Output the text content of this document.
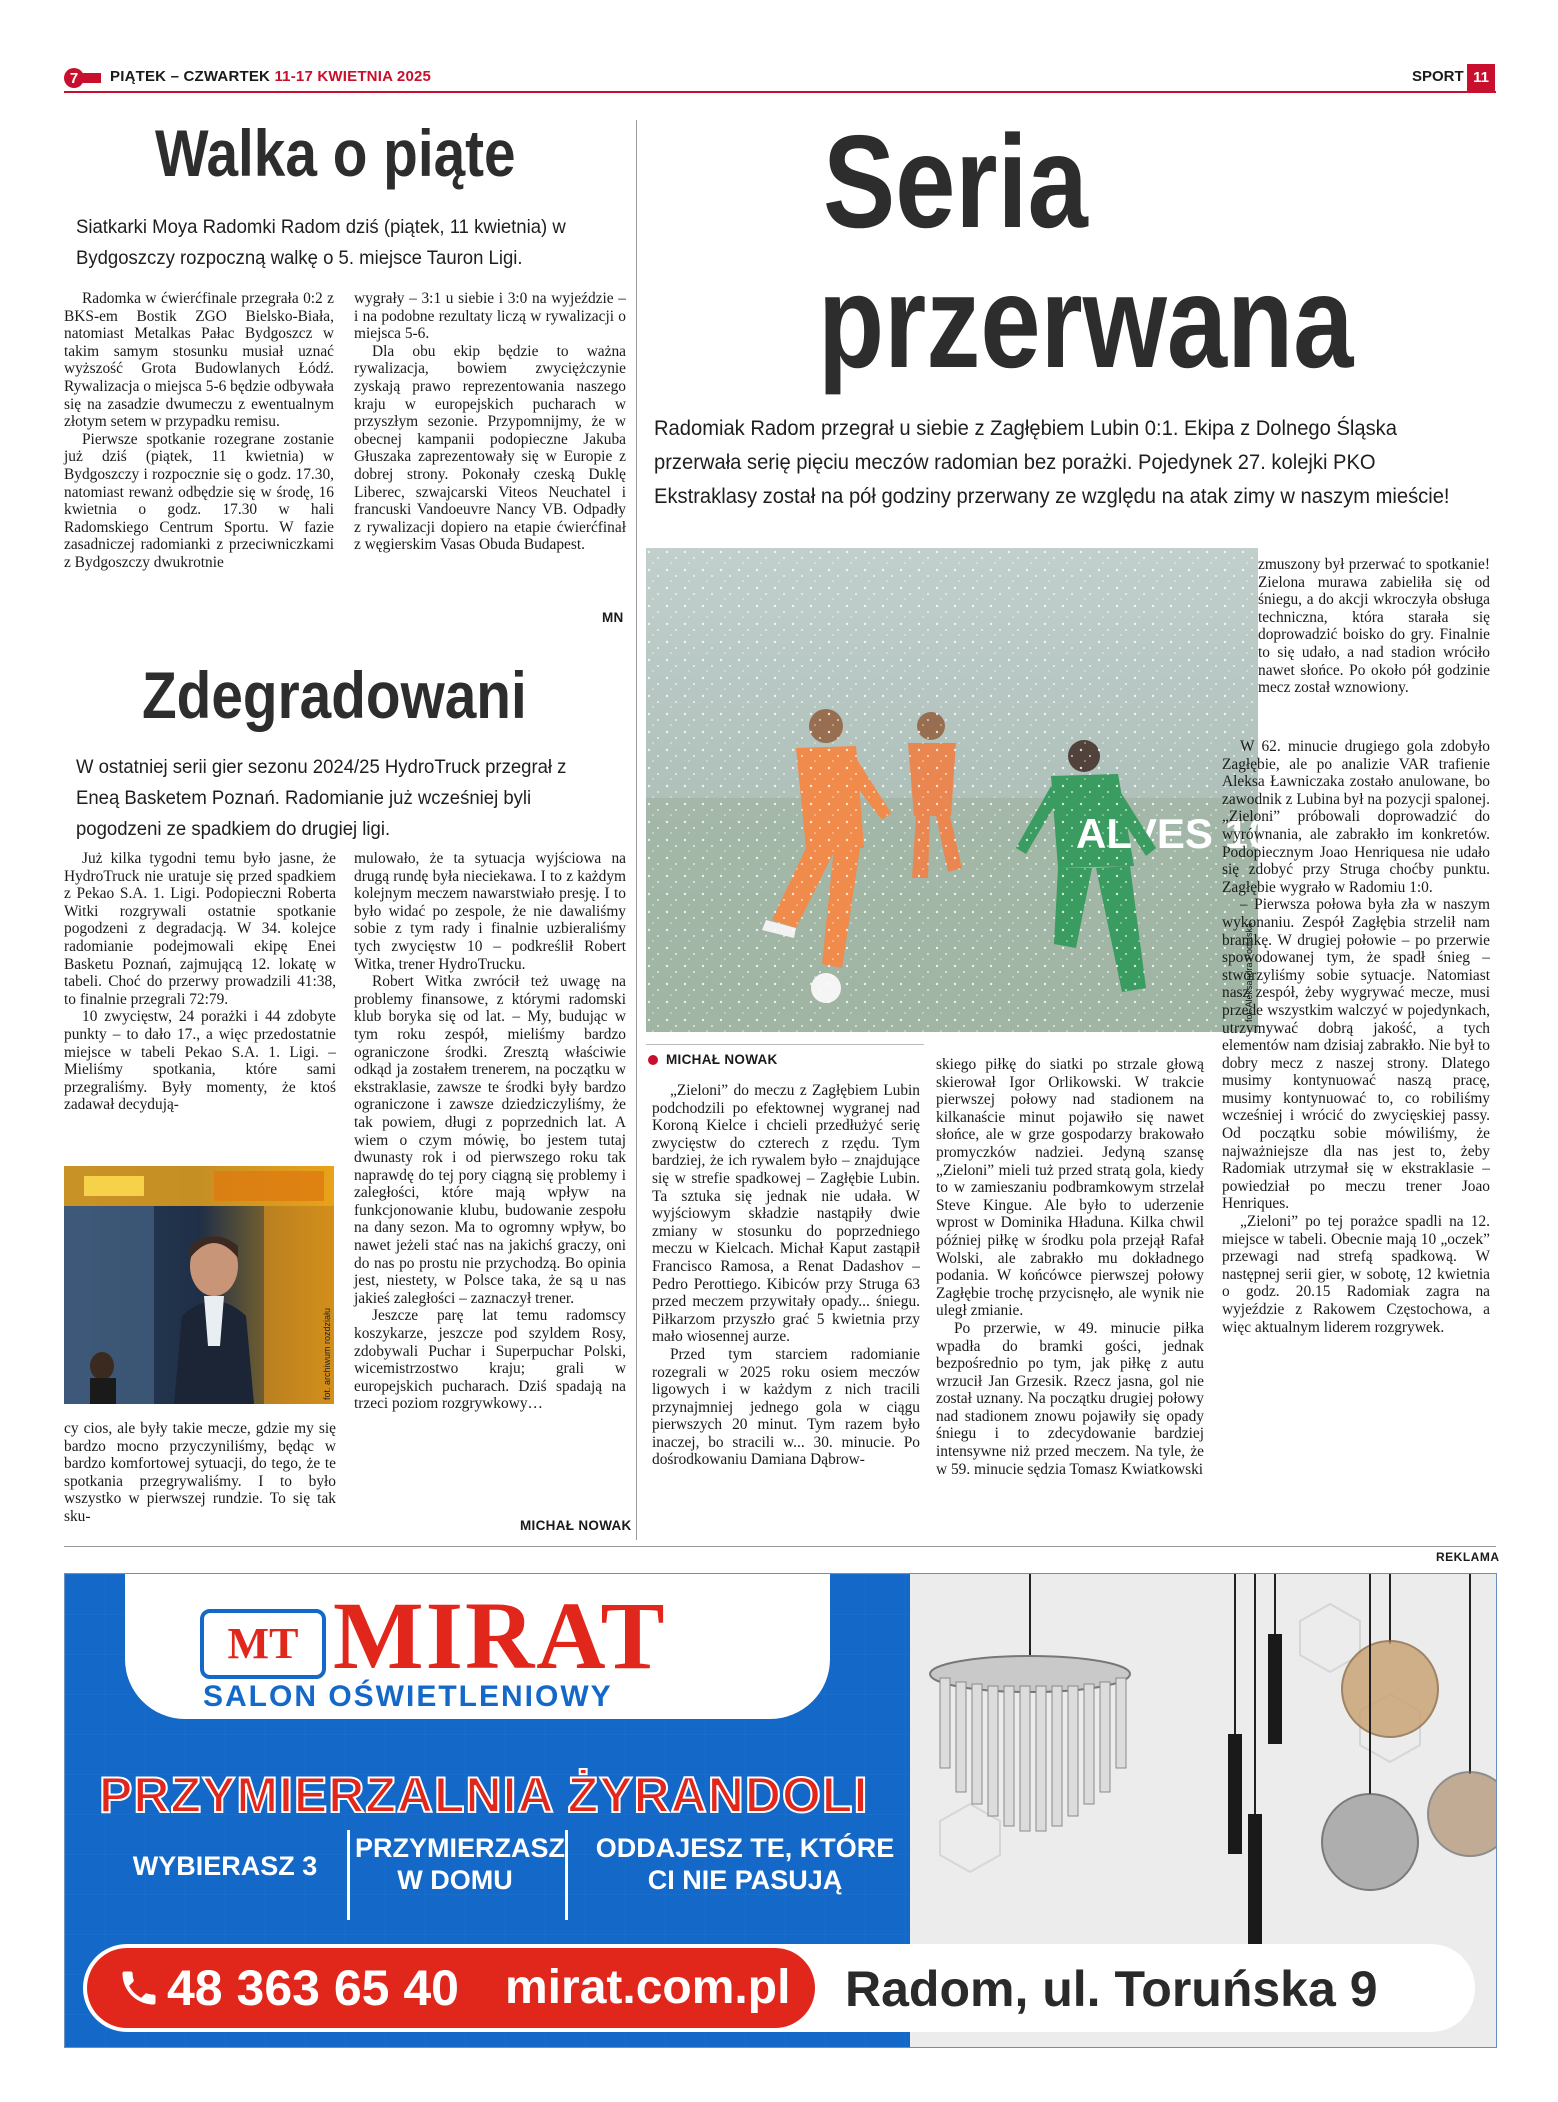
7 PIĄTEK – CZWARTEK 11-17 KWIETNIA 2025	SPORT 11
Walka o piąte
Siatkarki Moya Radomki Radom dziś (piątek, 11 kwietnia) w Bydgoszczy rozpoczną walkę o 5. miejsce Tauron Ligi.

Radomka w ćwierćfinale przegrała 0:2 z BKS-em Bostik ZGO Bielsko-Biała, natomiast Metalkas Pałac Bydgoszcz w takim samym stosunku musiał uznać wyższość Grota Budowlanych Łódź. Rywalizacja o miejsca 5-6 będzie odbywała się na zasadzie dwumeczu z ewentualnym złotym setem w przypadku remisu.

Pierwsze spotkanie rozegrane zostanie już dziś (piątek, 11 kwietnia) w Bydgoszczy i rozpocznie się o godz. 17.30, natomiast rewanż odbędzie się w środę, 16 kwietnia o godz. 17.30 w hali Radomskiego Centrum Sportu. W fazie zasadniczej radomianki z przeciwniczkami z Bydgoszczy dwukrotnie

wygrały – 3:1 u siebie i 3:0 na wyjeździe – i na podobne rezultaty liczą w rywalizacji o miejsca 5-6.

Dla obu ekip będzie to ważna rywalizacja, bowiem zwyciężczynie zyskają prawo reprezentowania naszego kraju w europejskich pucharach w przyszłym sezonie. Przypomnijmy, że w obecnej kampanii podopieczne Jakuba Głuszaka zaprezentowały się w Europie z dobrej strony. Pokonały czeską Duklę Liberec, szwajcarski Viteos Neuchatel i francuski Vandoeuvre Nancy VB. Odpadły z rywalizacji dopiero na etapie ćwierćfinał z węgierskim Vasas Obuda Budapest.

MN
Zdegradowani
W ostatniej serii gier sezonu 2024/25 HydroTruck przegrał z Eneą Basketem Poznań. Radomianie już wcześniej byli pogodzeni ze spadkiem do drugiej ligi.

Już kilka tygodni temu było jasne, że HydroTruck nie uratuje się przed spadkiem z Pekao S.A. 1. Ligi. Podopieczni Roberta Witki rozgrywali ostatnie spotkanie pogodzeni z degradacją. W 34. kolejce radomianie podejmowali ekipę Enei Basketu Poznań, zajmującą 12. lokatę w tabeli. Choć do przerwy prowadzili 41:38, to finalnie przegrali 72:79.

10 zwycięstw, 24 porażki i 44 zdobyte punkty – to dało 17., a więc przedostatnie miejsce w tabeli Pekao S.A. 1. Ligi. – Mieliśmy spotkania, które sami przegraliśmy. Były momenty, że ktoś zadawał decydują-

fot. archiwum rozdziału

cy cios, ale były takie mecze, gdzie my się bardzo mocno przyczyniliśmy, będąc w bardzo komfortowej sytuacji, do tego, że te spotkania przegrywaliśmy. I to było wszystko w pierwszej rundzie. To się tak sku-

mulowało, że ta sytuacja wyjściowa na drugą rundę była nieciekawa. I to z każdym kolejnym meczem nawarstwiało presję. I to było widać po zespole, że nie dawaliśmy sobie z tym rady i finalnie uzbieraliśmy tych zwycięstw 10 – podkreślił Robert Witka, trener HydroTrucku.

Robert Witka zwrócił też uwagę na problemy finansowe, z którymi radomski klub boryka się od lat. – My, budując w tym roku zespół, mieliśmy bardzo ograniczone środki. Zresztą właściwie odkąd ja zostałem trenerem, na początku w ekstraklasie, zawsze te środki były bardzo ograniczone i zawsze dziedziczyliśmy, że tak powiem, długi z poprzednich lat. A wiem o czym mówię, bo jestem tutaj dwunasty rok i od pierwszego roku tak naprawdę do tej pory ciągną się problemy i zaległości, które mają wpływ na funkcjonowanie klubu, budowanie zespołu na dany sezon. Ma to ogromny wpływ, bo nawet jeżeli stać nas na jakichś graczy, oni do nas po prostu nie przychodzą. Bo opinia jest, niestety, w Polsce taka, że są u nas jakieś zaległości – zaznaczył trener.

Jeszcze parę lat temu radomscy koszykarze, jeszcze pod szyldem Rosy, zdobywali Puchar i Superpuchar Polski, wicemistrzostwo kraju; grali w europejskich pucharach. Dziś spadają na trzeci poziom rozgrywkowy…

MICHAŁ NOWAK
Seria
przerwana
Radomiak Radom przegrał u siebie z Zagłębiem Lubin 0:1. Ekipa z Dolnego Śląska przerwała serię pięciu meczów radomian bez porażki. Pojedynek 27. kolejki PKO Ekstraklasy został na pół godziny przerwany ze względu na atak zimy w naszym mieście!
fot. Aleksandra Podlaska
MICHAŁ NOWAK

„Zieloni” do meczu z Zagłębiem Lubin podchodzili po efektownej wygranej nad Koroną Kielce i chcieli przedłużyć serię zwycięstw do czterech z rzędu. Tym bardziej, że ich rywalem było – znajdujące się w strefie spadkowej – Zagłębie Lubin. Ta sztuka się jednak nie udała. W wyjściowym składzie nastąpiły dwie zmiany w stosunku do poprzedniego meczu w Kielcach. Michał Kaput zastąpił Francisco Ramosa, a Renat Dadashov – Pedro Perottiego. Kibiców przy Struga 63 przed meczem przywitały opady... śniegu. Piłkarzom przyszło grać 5 kwietnia przy mało wiosennej aurze.

Przed tym starciem radomianie rozegrali w 2025 roku osiem meczów ligowych i w każdym z nich tracili przynajmniej jednego gola w ciągu pierwszych 20 minut. Tym razem było inaczej, bo stracili w... 30. minucie. Po dośrodkowaniu Damiana Dąbrow-

skiego piłkę do siatki po strzale głową skierował Igor Orlikowski. W trakcie pierwszej połowy nad stadionem na kilkanaście minut pojawiło się nawet słońce, ale w grze gospodarzy brakowało promyczków nadziei. Jedyną szansę „Zieloni” mieli tuż przed stratą gola, kiedy to w zamieszaniu podbramkowym strzelał Steve Kingue. Ale było to uderzenie wprost w Dominika Hładuna. Kilka chwil później piłkę w środku pola przejął Rafał Wolski, ale zabrakło mu dokładnego podania. W końcówce pierwszej połowy Zagłębie trochę przycisnęło, ale wynik nie uległ zmianie.

Po przerwie, w 49. minucie piłka wpadła do bramki gości, jednak bezpośrednio po tym, jak piłkę z autu wrzucił Jan Grzesik. Rzecz jasna, gol nie został uznany. Na początku drugiej połowy nad stadionem znowu pojawiły się opady śniegu i to zdecydowanie bardziej intensywne niż przed meczem. Na tyle, że w 59. minucie sędzia Tomasz Kwiatkowski

zmuszony był przerwać to spotkanie! Zielona murawa zabieliła się od śniegu, a do akcji wkroczyła obsługa techniczna, która starała się doprowadzić boisko do gry. Finalnie to się udało, a nad stadion wróciło nawet słońce. Po około pół godzinie mecz został wznowiony.

W 62. minucie drugiego gola zdobyło Zagłębie, ale po analizie VAR trafienie Aleksa Ławniczaka zostało anulowane, bo zawodnik z Lubina był na pozycji spalonej. „Zieloni” próbowali doprowadzić do wyrównania, ale zabrakło im konkretów. Podopiecznym Joao Henriquesa nie udało się zdobyć przy Struga choćby punktu. Zagłębie wygrało w Radomiu 1:0.

– Pierwsza połowa była zła w naszym wykonaniu. Zespół Zagłębia strzelił nam bramkę. W drugiej połowie – po przerwie spowodowanej tym, że spadł śnieg – stworzyliśmy sobie sytuacje. Natomiast nasz zespół, żeby wygrywać mecze, musi przede wszystkim walczyć w pojedynkach, utrzymywać dobrą jakość, a tych elementów nam dzisiaj zabrakło. Nie był to dobry mecz z naszej strony. Dlatego musimy kontynuować naszą pracę, musimy kontynuować to, co robiliśmy wcześniej i wrócić do zwycięskiej passy. Od początku sobie mówiliśmy, że najważniejsze dla nas jest to, żeby Radomiak utrzymał się w ekstraklasie – powiedział po meczu trener Joao Henriques.

„Zieloni” po tej porażce spadli na 12. miejsce w tabeli. Obecnie mają 10 „oczek” przewagi nad strefą spadkową. W następnej serii gier, w sobotę, 12 kwietnia o godz. 20.15 Radomiak zagra na wyjeździe z Rakowem Częstochowa, a więc aktualnym liderem rozgrywek.

REKLAMA
MT MIRAT
SALON OŚWIETLENIOWY
PRZYMIERZALNIA ŻYRANDOLI
WYBIERASZ 3
PRZYMIERZASZ W DOMU
ODDAJESZ TE, KTÓRE CI NIE PASUJĄ
48 363 65 40 mirat.com.pl Radom, ul. Toruńska 9
